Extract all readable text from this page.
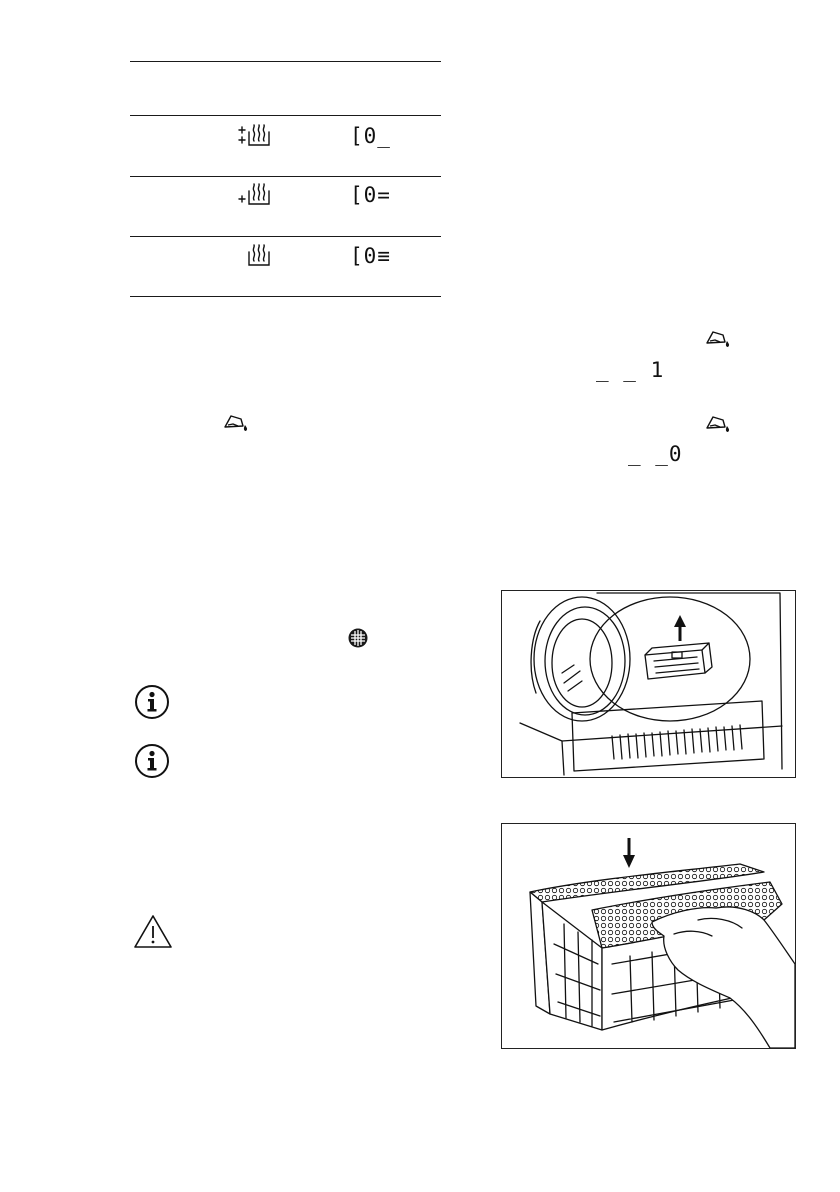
[0_
[0=
[0≡
_ _ 1
_ _0
